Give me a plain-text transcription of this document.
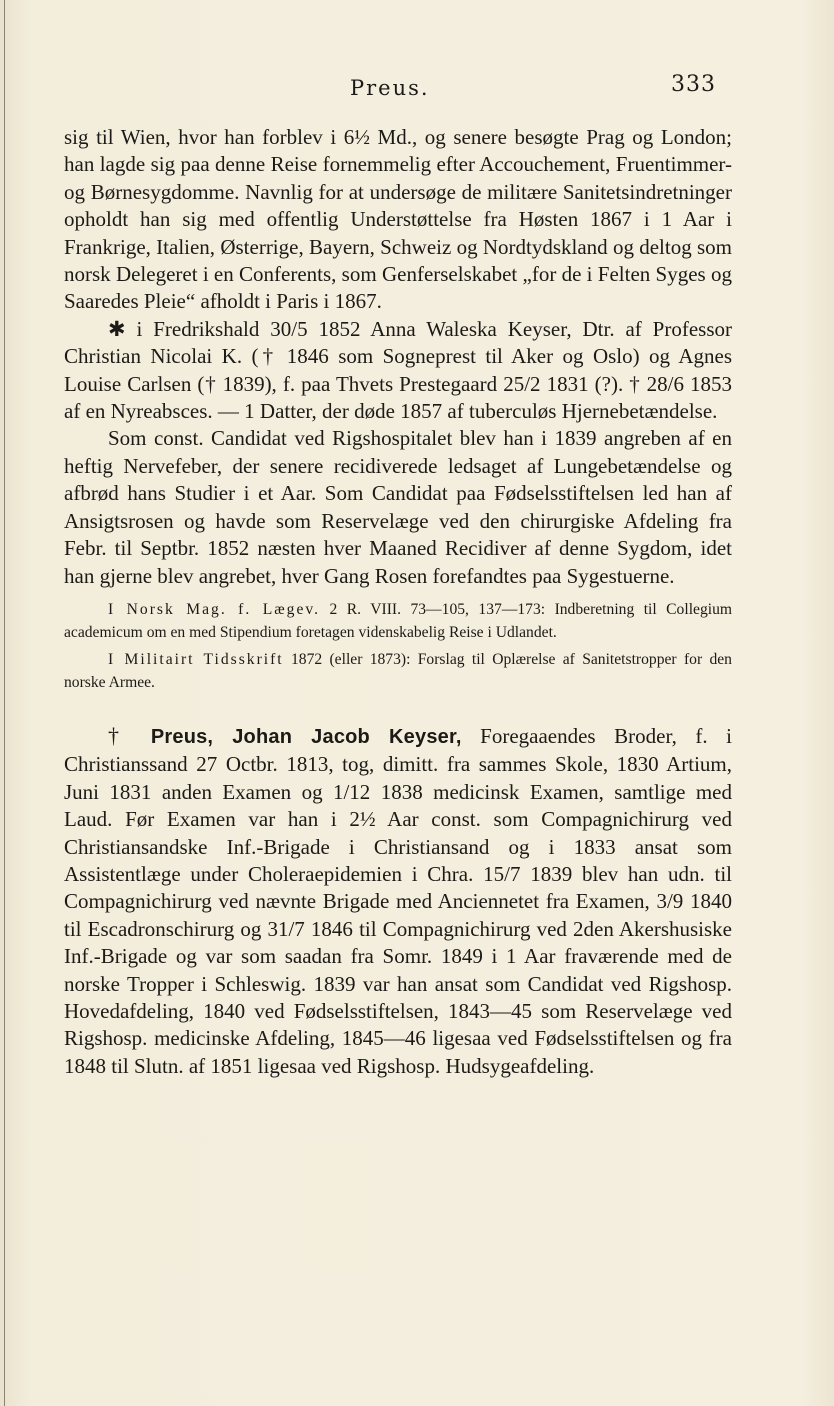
Preus.	333

sig til Wien, hvor han forblev i 6½ Md., og senere besøgte Prag og London; han lagde sig paa denne Reise fornemmelig efter Accouchement, Fruentimmer- og Børnesygdomme. Navnlig for at undersøge de militære Sanitetsindretninger opholdt han sig med offentlig Understøttelse fra Høsten 1867 i 1 Aar i Frankrige, Italien, Østerrige, Bayern, Schweiz og Nordtydskland og deltog som norsk Delegeret i en Conferents, som Genferselskabet „for de i Felten Syges og Saaredes Pleie“ afholdt i Paris i 1867.

✱ i Fredrikshald 30/5 1852 Anna Waleska Keyser, Dtr. af Professor Christian Nicolai K. († 1846 som Sogneprest til Aker og Oslo) og Agnes Louise Carlsen († 1839), f. paa Thvets Prestegaard 25/2 1831 (?). † 28/6 1853 af en Nyreabsces. — 1 Datter, der døde 1857 af tuberculøs Hjernebetændelse.

Som const. Candidat ved Rigshospitalet blev han i 1839 angreben af en heftig Nervefeber, der senere recidiverede ledsaget af Lungebetændelse og afbrød hans Studier i et Aar. Som Candidat paa Fødselsstiftelsen led han af Ansigtsrosen og havde som Reservelæge ved den chirurgiske Afdeling fra Febr. til Septbr. 1852 næsten hver Maaned Recidiver af denne Sygdom, idet han gjerne blev angrebet, hver Gang Rosen forefandtes paa Sygestuerne.

I Norsk Mag. f. Lægev. 2 R. VIII. 73—105, 137—173: Indberetning til Collegium academicum om en med Stipendium foretagen videnskabelig Reise i Udlandet.

I Militairt Tidsskrift 1872 (eller 1873): Forslag til Oplærelse af Sanitetstropper for den norske Armee.

† Preus, Johan Jacob Keyser, Foregaaendes Broder, f. i Christianssand 27 Octbr. 1813, tog, dimitt. fra sammes Skole, 1830 Artium, Juni 1831 anden Examen og 1/12 1838 medicinsk Examen, samtlige med Laud. Før Examen var han i 2½ Aar const. som Compagnichirurg ved Christiansandske Inf.-Brigade i Christiansand og i 1833 ansat som Assistentlæge under Choleraepidemien i Chra. 15/7 1839 blev han udn. til Compagnichirurg ved nævnte Brigade med Anciennetet fra Examen, 3/9 1840 til Escadronschirurg og 31/7 1846 til Compagnichirurg ved 2den Akershusiske Inf.-Brigade og var som saadan fra Somr. 1849 i 1 Aar fraværende med de norske Tropper i Schleswig. 1839 var han ansat som Candidat ved Rigshosp. Hovedafdeling, 1840 ved Fødselsstiftelsen, 1843—45 som Reservelæge ved Rigshosp. medicinske Afdeling, 1845—46 ligesaa ved Fødselsstiftelsen og fra 1848 til Slutn. af 1851 ligesaa ved Rigshosp. Hudsygeafdeling.
